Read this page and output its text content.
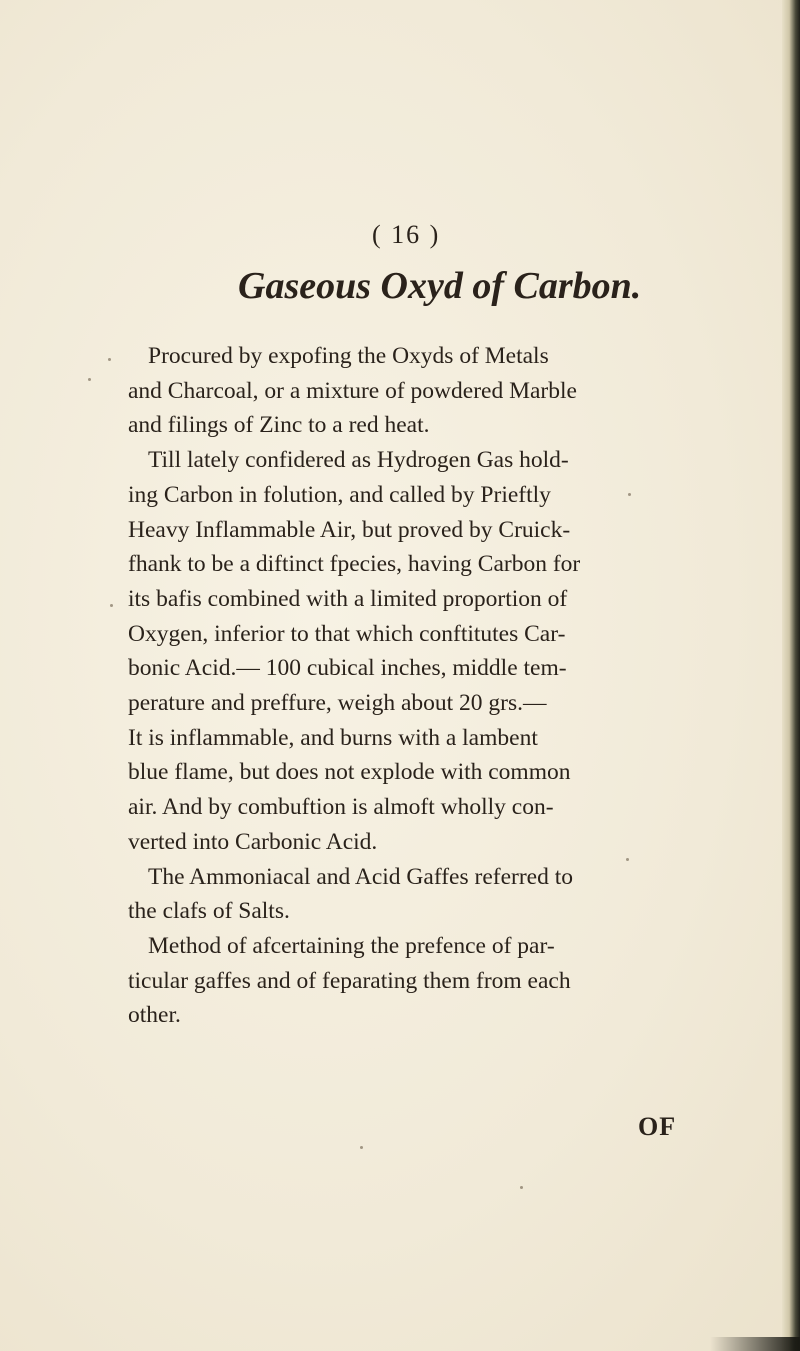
( 16 )
Gaseous Oxyd of Carbon.
Procured by expofing the Oxyds of Metals
and Charcoal, or a mixture of powdered Marble
and filings of Zinc to a red heat.
Till lately confidered as Hydrogen Gas hold-
ing Carbon in folution, and called by Prieftly
Heavy Inflammable Air, but proved by Cruick-
fhank to be a diftinct fpecies, having Carbon for
its bafis combined with a limited proportion of
Oxygen, inferior to that which conftitutes Car-
bonic Acid.— 100 cubical inches, middle tem-
perature and preffure, weigh about 20 grs.—
It is inflammable, and burns with a lambent
blue flame, but does not explode with common
air. And by combuftion is almoft wholly con-
verted into Carbonic Acid.
The Ammoniacal and Acid Gaffes referred to
the clafs of Salts.
Method of afcertaining the prefence of par-
ticular gaffes and of feparating them from each
other.
OF
